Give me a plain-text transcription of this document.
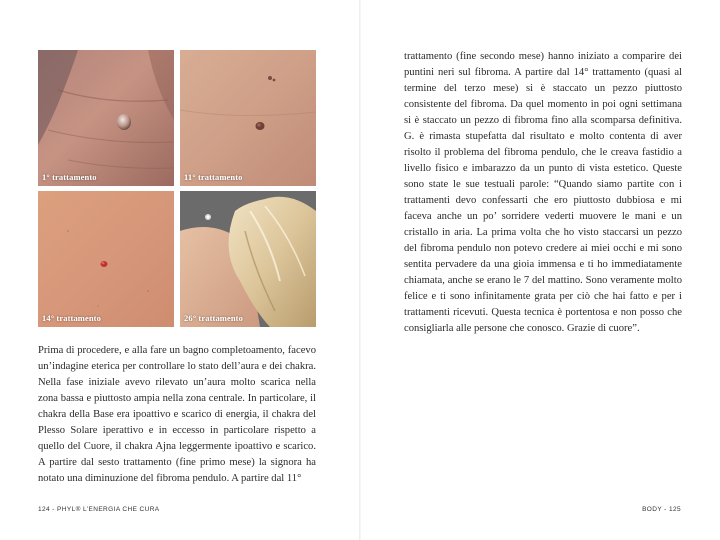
1° trattamento	11° trattamento
14° trattamento	26° trattamento

Prima di procedere, e alla fare un bagno completoamento, facevo un’indagine eterica per controllare lo stato dell’aura e dei chakra. Nella fase iniziale avevo rilevato un’aura molto scarica nella zona bassa e piuttosto ampia nella zona centrale. In particolare, il chakra della Base era ipoattivo e scarico di energia, il chakra del Plesso Solare iperattivo e in eccesso in particolare rispetto a quello del Cuore, il chakra Ajna leggermente ipoattivo e scarico. A partire dal sesto trattamento (fine primo mese) la signora ha notato una diminuzione del fibroma pendulo. A partire dal 11°

124 - PHYL® L’ENERGIA CHE CURA	BODY - 125

trattamento (fine secondo mese) hanno iniziato a comparire dei puntini neri sul fibroma. A partire dal 14° trattamento (quasi al termine del terzo mese) si è staccato un pezzo piuttosto consistente del fibroma. Da quel momento in poi ogni settimana si è staccato un pezzo di fibroma fino alla scomparsa definitiva. G. è rimasta stupefatta dal risultato e molto contenta di aver risolto il problema del fibroma pendulo, che le creava fastidio a livello fisico e imbarazzo da un punto di vista estetico. Queste sono state le sue testuali parole: “Quando siamo partite con i trattamenti devo confessarti che ero piuttosto dubbiosa e mi faceva anche un po’ sorridere vederti muovere le mani e un cristallo in aria. La prima volta che ho visto staccarsi un pezzo del fibroma pendulo non potevo credere ai miei occhi e mi sono sentita pervadere da una gioia immensa e ti ho immediatamente chiamata, anche se erano le 7 del mattino. Sono veramente molto felice e ti sono infinitamente grata per ciò che hai fatto e per i trattamenti ricevuti. Questa tecnica è portentosa e non posso che consigliarla alle persone che conosco. Grazie di cuore”.
